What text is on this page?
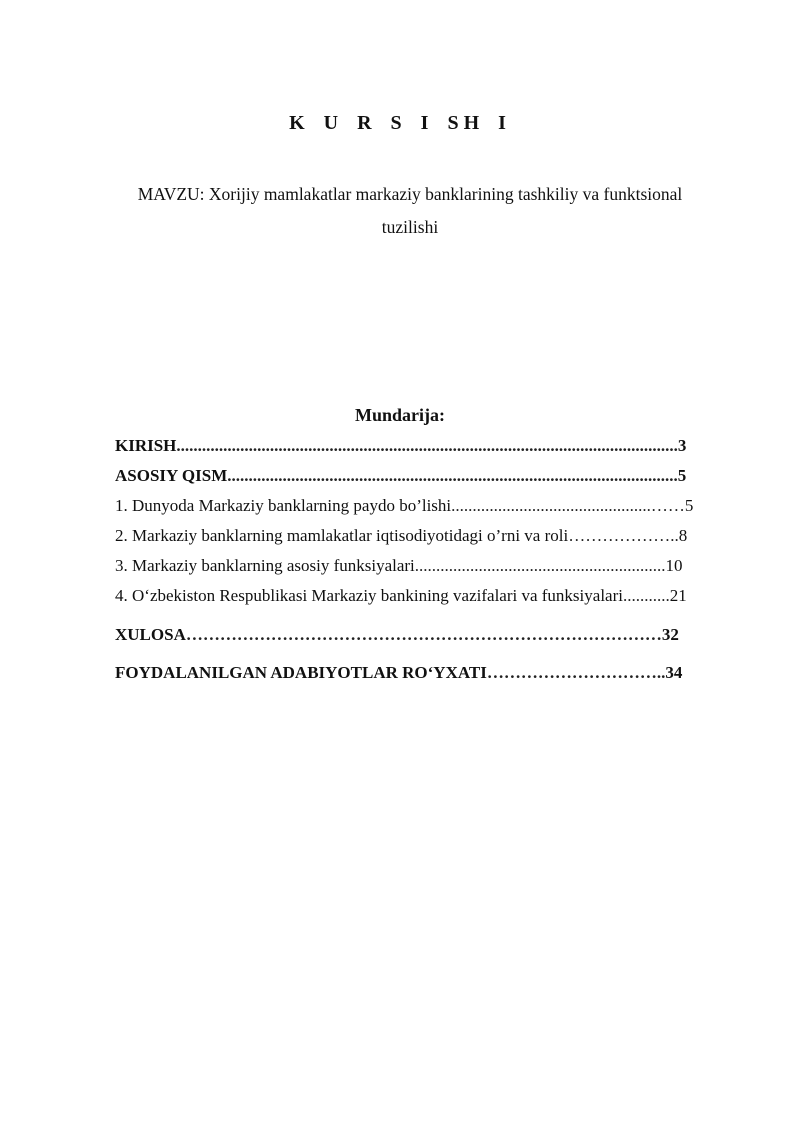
K U R S I SH I
MAVZU: Xorijiy mamlakatlar markaziy banklarining tashkiliy va funktsional
tuzilishi
Mundarija:
KIRISH......................................................................................................................3
ASOSIY QISM..........................................................................................................5
1. Dunyoda Markaziy banklarning paydo bo’lishi...............................................……5
2. Markaziy banklarning mamlakatlar iqtisodiyotidagi o’rni va roli………………..8
3. Markaziy banklarning asosiy funksiyalari...........................................................10
4. O‘zbekiston Respublikasi Markaziy bankining vazifalari va funksiyalari...........21
XULOSA…………………………………………………………………………32
FOYDALANILGAN ADABIYOTLAR RO‘YXATI…………………………..34
